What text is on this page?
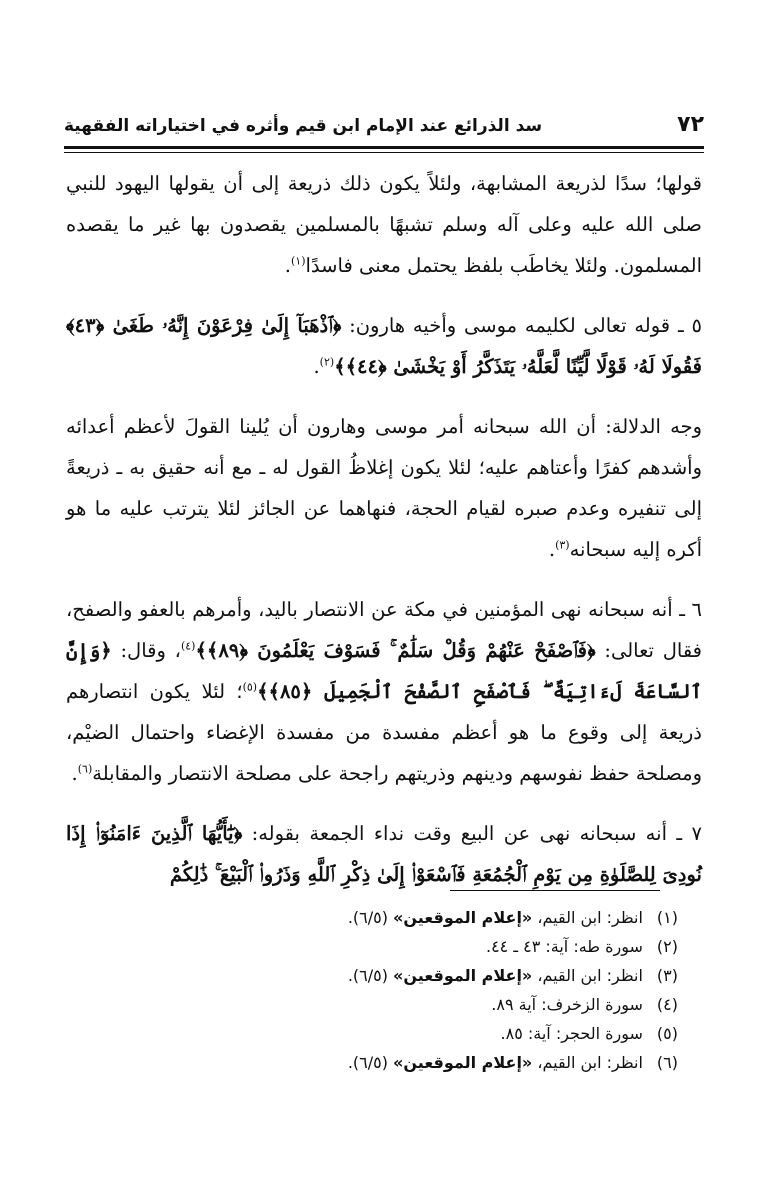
٧٢
سد الذرائع عند الإمام ابن قيم وأثره في اختياراته الفقهية

قولها؛ سدًا لذريعة المشابهة، ولئلاً يكون ذلك ذريعة إلى أن يقولها اليهود للنبي صلى الله عليه وعلى آله وسلم تشبهًا بالمسلمين يقصدون بها غير ما يقصده المسلمون. ولئلا يخاطَب بلفظ يحتمل معنى فاسدًا$^{(١)}$.

٥ ـ قوله تعالى لكليمه موسى وأخيه هارون: ﴿ٱذْهَبَآ إِلَىٰ فِرْعَوْنَ إِنَّهُۥ طَغَىٰ ﴿٤٣﴾ فَقُولَا لَهُۥ قَوْلًا لَّيِّنًا لَّعَلَّهُۥ يَتَذَكَّرُ أَوْ يَخْشَىٰ ﴿٤٤﴾﴾$^{(٢)}$.

وجه الدلالة: أن الله سبحانه أمر موسى وهارون أن يُلينا القولَ لأعظم أعدائه وأشدهم كفرًا وأعتاهم عليه؛ لئلا يكون إغلاظُ القول له ـ مع أنه حقيق به ـ ذريعةً إلى تنفيره وعدم صبره لقيام الحجة، فنهاهما عن الجائز لئلا يترتب عليه ما هو أكره إليه سبحانه$^{(٣)}$.

٦ ـ أنه سبحانه نهى المؤمنين في مكة عن الانتصار باليد، وأمرهم بالعفو والصفح، فقال تعالى: ﴿فَٱصْفَحْ عَنْهُمْ وَقُلْ سَلَٰمٌ ۚ فَسَوْفَ يَعْلَمُونَ ﴿٨٩﴾﴾$^{(٤)}$، وقال: ﴿وَإِنَّ ٱلسَّاعَةَ لَءَاتِيَةٌ ۖ فَٱصْفَحِ ٱلصَّفْحَ ٱلْجَمِيلَ ﴿٨٥﴾﴾$^{(٥)}$؛ لئلا يكون انتصارهم ذريعة إلى وقوع ما هو أعظم مفسدة من مفسدة الإغضاء واحتمال الضيْم، ومصلحة حفظ نفوسهم ودينهم وذريتهم راجحة على مصلحة الانتصار والمقابلة$^{(٦)}$.

٧ ـ أنه سبحانه نهى عن البيع وقت نداء الجمعة بقوله: ﴿يَٰٓأَيُّهَا ٱلَّذِينَ ءَامَنُوٓا۟ إِذَا نُودِىَ لِلصَّلَوٰةِ مِن يَوْمِ ٱلْجُمُعَةِ فَٱسْعَوْا۟ إِلَىٰ ذِكْرِ ٱللَّهِ وَذَرُوا۟ ٱلْبَيْعَ ۚ ذَٰلِكُمْ

(١) انظر: ابن القيم، «إعلام الموقعين» (٦/٥).
(٢) سورة طه: آية: ٤٣ ـ ٤٤.
(٣) انظر: ابن القيم، «إعلام الموقعين» (٦/٥).
(٤) سورة الزخرف: آية ٨٩.
(٥) سورة الحجر: آية: ٨٥.
(٦) انظر: ابن القيم، «إعلام الموقعين» (٦/٥).
